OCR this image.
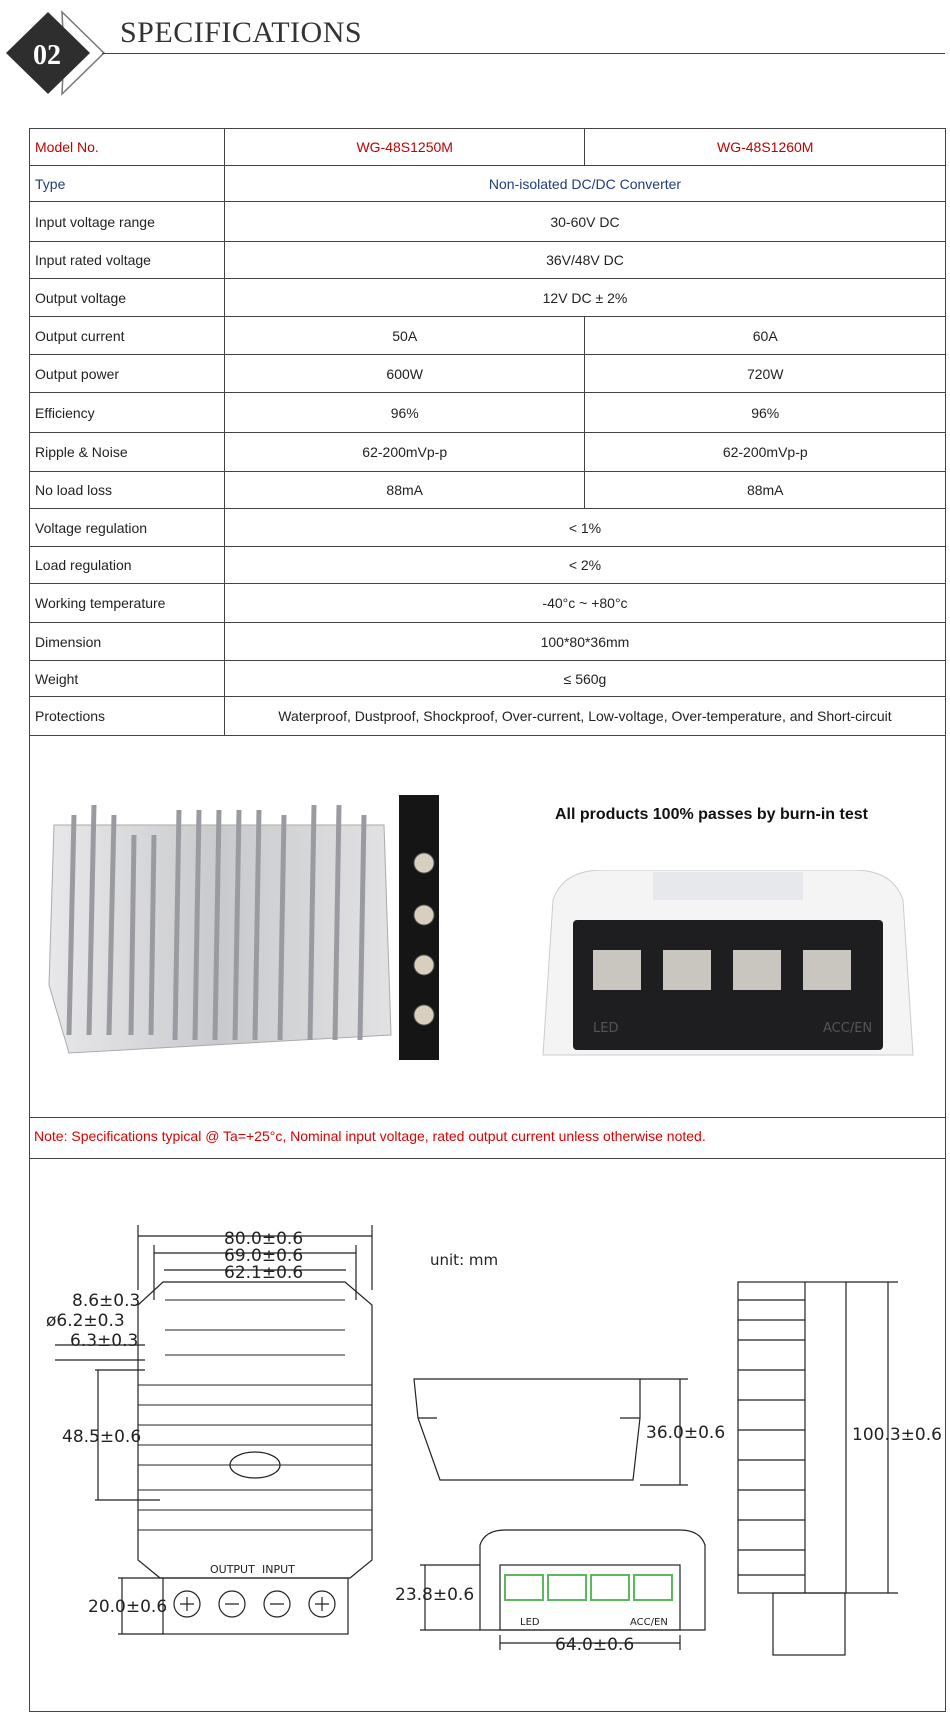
02
SPECIFICATIONS
Model No.	WG-48S1250M	WG-48S1260M
Type	Non-isolated DC/DC Converter	
Input voltage range	30-60V DC	
Input rated voltage	36V/48V DC	
Output voltage	12V DC ± 2%	
Output current	50A	60A
Output power	600W	720W
Efficiency	96%	96%
Ripple & Noise	62-200mVp-p	62-200mVp-p
No load loss	88mA	88mA
Voltage regulation	< 1%	
Load regulation	< 2%	
Working temperature	-40°c ~ +80°c	
Dimension	100*80*36mm	
Weight	≤ 560g	
Protections	Waterproof, Dustproof, Shockproof, Over-current, Low-voltage, Over-temperature, and Short-circuit	
All products 100% passes by burn-in test
LED	ACC/EN
Note: Specifications typical @ Ta=+25°c, Nominal input voltage, rated output current unless otherwise noted.
80.0±0.6
69.0±0.6
62.1±0.6
8.6±0.3
ø6.2±0.3
6.3±0.3
48.5±0.6
20.0±0.6
OUTPUT INPUT
unit: mm
36.0±0.6
23.8±0.6
64.0±0.6
100.3±0.6
LED	ACC/EN
